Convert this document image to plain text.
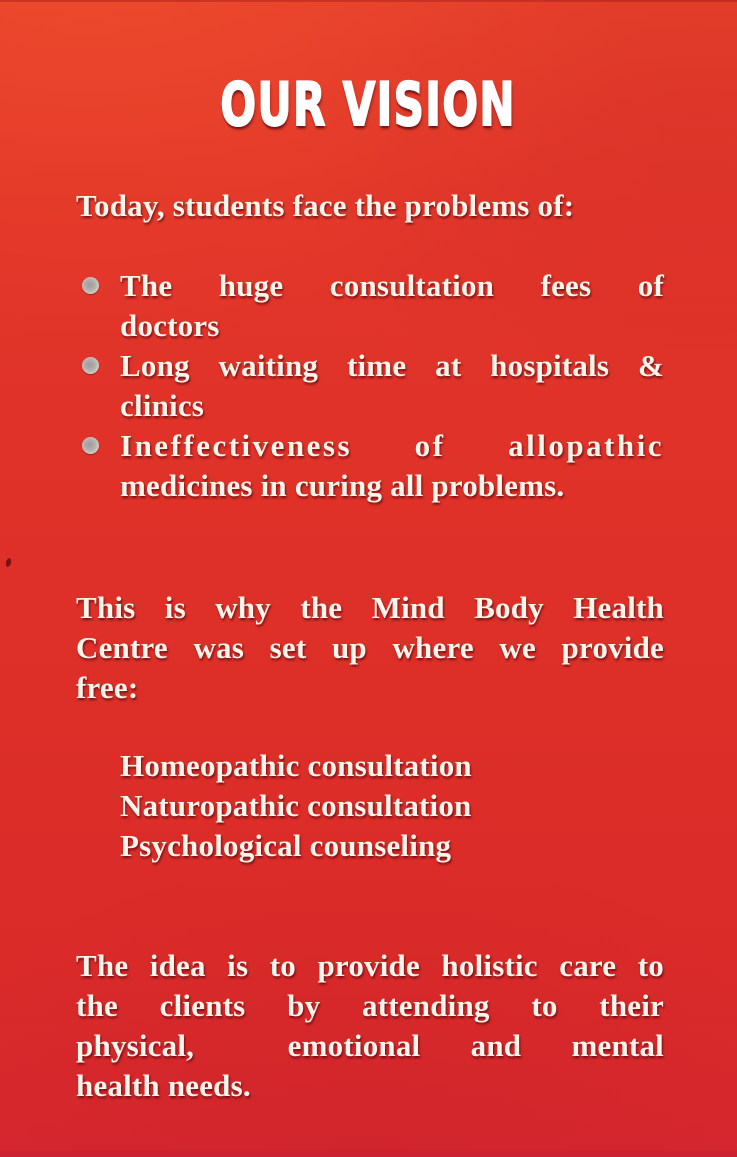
OUR VISION
Today, students face the problems of:
The huge consultation fees of
doctors
Long waiting time at hospitals &
clinics
Ineffectiveness of allopathic
medicines in curing all problems.
This is why the Mind Body Health
Centre was set up where we provide
free:
Homeopathic consultation
Naturopathic consultation
Psychological counseling
The idea is to provide holistic care to
the clients by attending to their
physical,   emotional and mental
health needs.
